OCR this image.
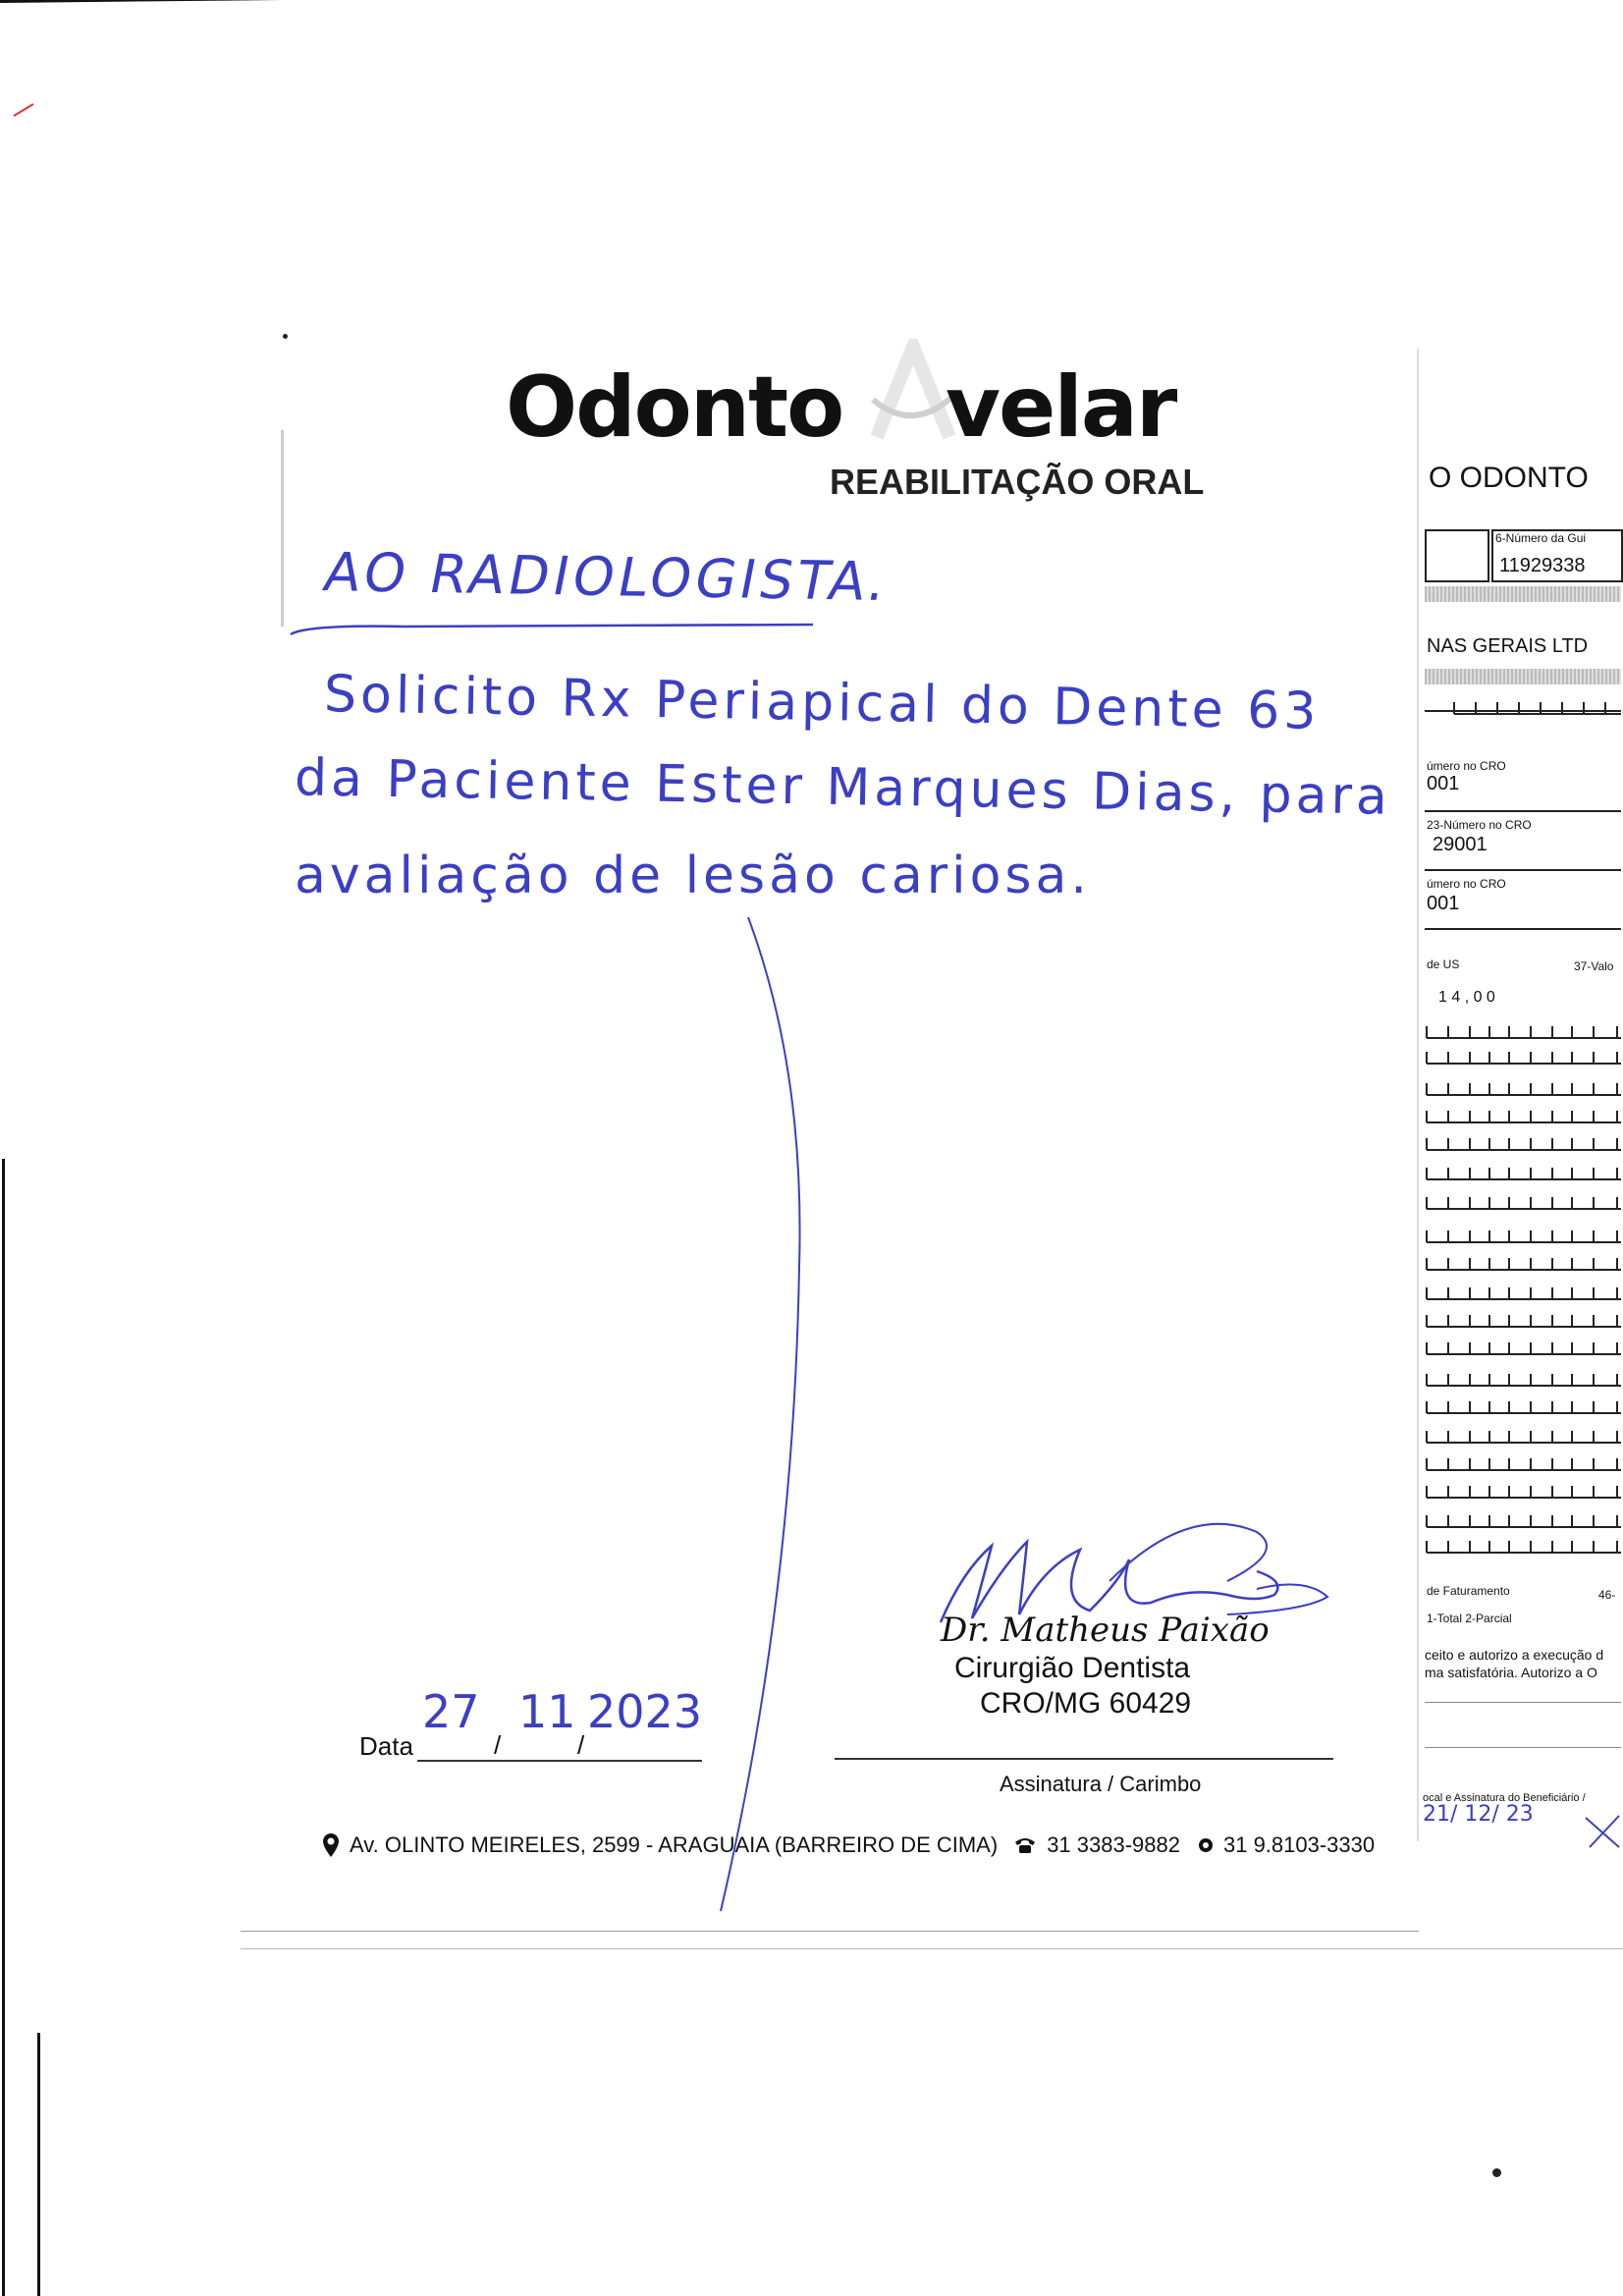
Odonto velar
REABILITAÇÃO ORAL
AO RADIOLOGISTA.
Solicito Rx Periapical do Dente 63
da Paciente Ester Marques Dias, para
avaliação de lesão cariosa.
Dr. Matheus Paixão
Cirurgião Dentista
CRO/MG 60429
Assinatura / Carimbo
Data
27
/
11
/
2023
Av. OLINTO MEIRELES, 2599 - ARAGUAIA (BARREIRO DE CIMA) 31 3383-9882 31 9.8103-3330
O ODONTO
6-Número da Gui
11929338
NAS GERAIS LTD
úmero no CRO
001
23-Número no CRO
29001
úmero no CRO
001
de US	37-Valo
1 4 , 0 0
de Faturamento	46-
1-Total 2-Parcial
ceito e autorizo a execução d
ma satisfatória. Autorizo a O
ocal e Assinatura do Beneficiário /
21/ 12/ 23
